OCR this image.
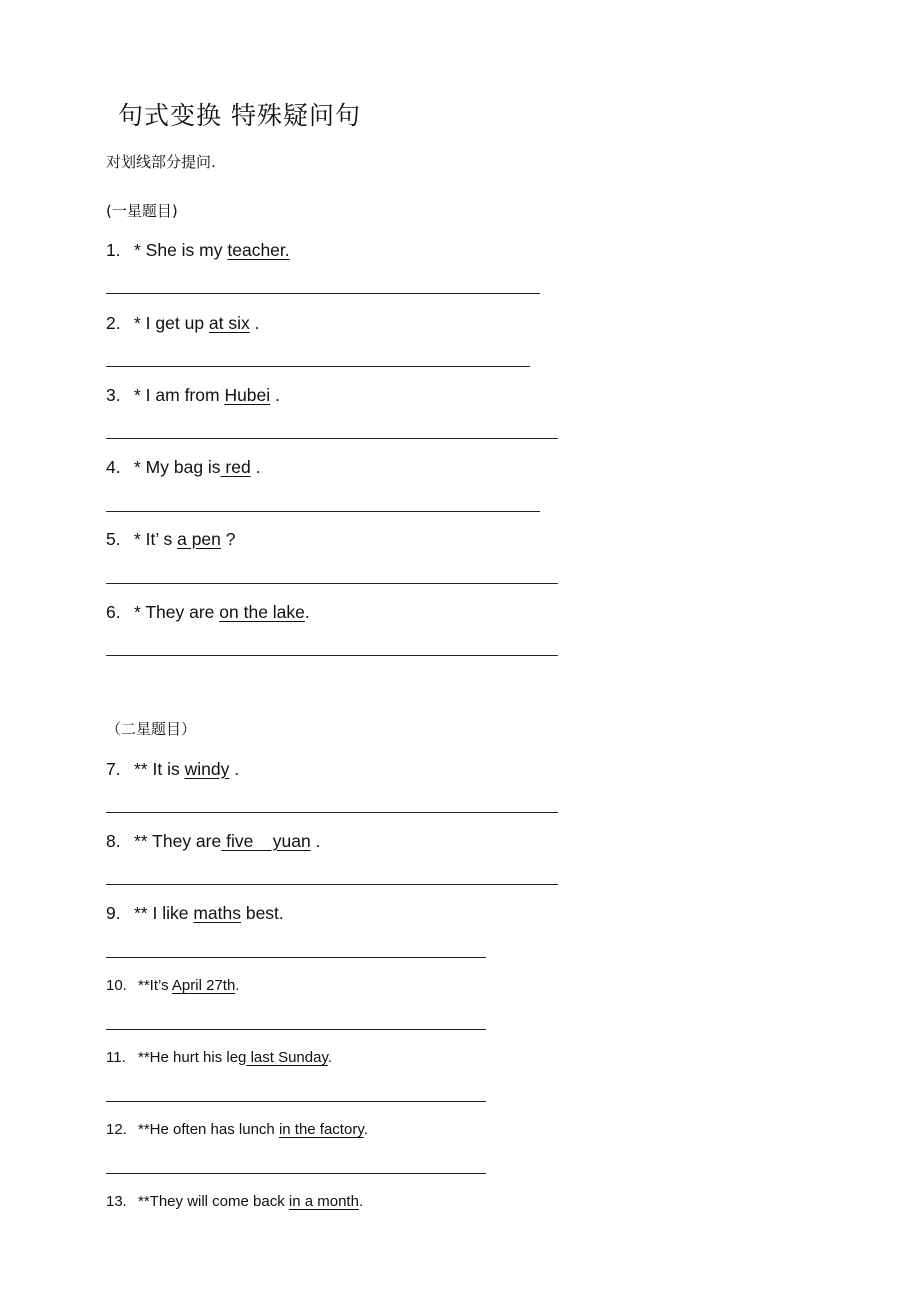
句式变换 特殊疑问句
对划线部分提问.
(一星题目)
1. * She is my teacher.
2. * I get up at six .
3. * I am from Hubei .
4. * My bag is red .
5. * It’ s a pen ?
6. * They are on the lake.
（二星题目）
7. ** It is windy .
8. ** They are five    yuan .
9. ** I like maths best.
10. **It’s April 27th.
11. **He hurt his leg last Sunday.
12. **He often has lunch in the factory.
13. **They will come back in a month.
